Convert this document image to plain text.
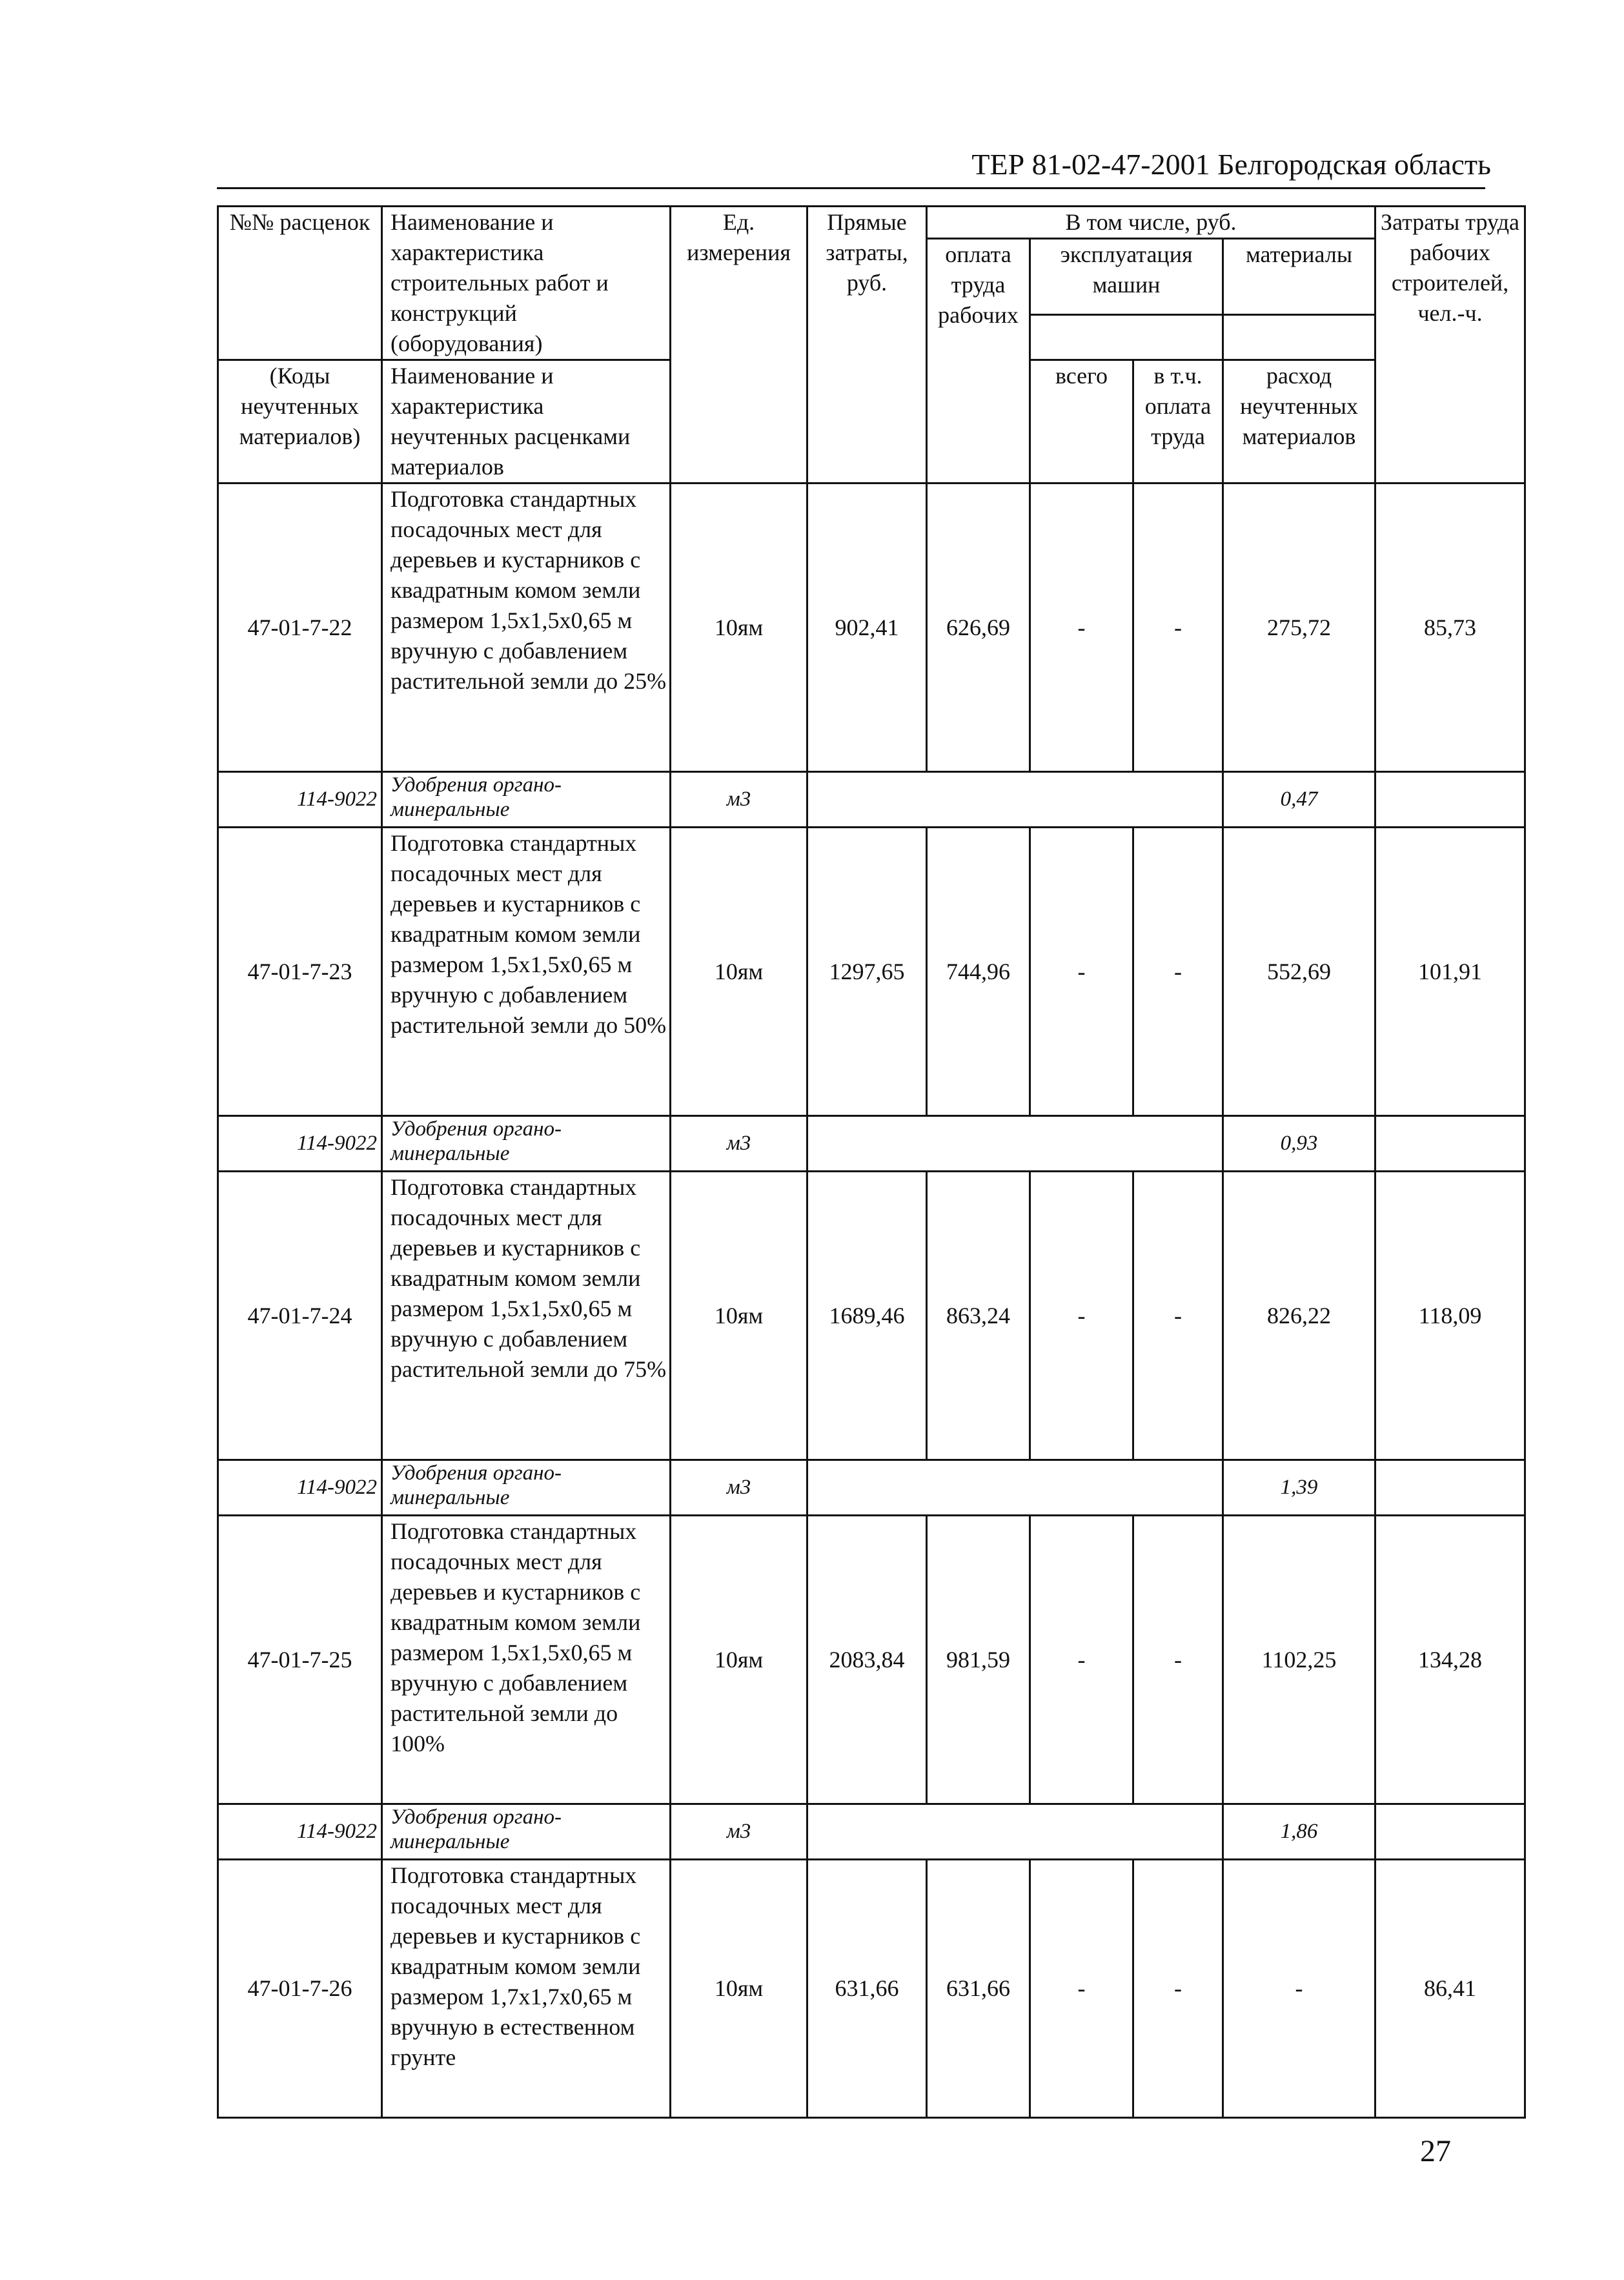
ТЕР 81-02-47-2001 Белгородская область
№№ расценок	Наименование и характеристика строительных работ и конструкций (оборудования)	Ед. измерения	Прямые затраты, руб.	В том числе, руб.				Затраты труда рабочих строителей, чел.-ч.
				оплата труда рабочих	эксплуатация машин		материалы	

(Коды неучтенных материалов)	Наименование и характеристика неучтенных расценками материалов				всего	в т.ч. оплата труда	расход неучтенных материалов	
47-01-7-22	Подготовка стандартных посадочных мест для деревьев и кустарников с квадратным комом земли размером 1,5х1,5х0,65 м вручную с добавлением растительной земли до 25%	10ям	902,41	626,69	-	-	275,72	85,73
114-9022	Удобрения органо-минеральные	м3					0,47	
47-01-7-23	Подготовка стандартных посадочных мест для деревьев и кустарников с квадратным комом земли размером 1,5х1,5х0,65 м вручную с добавлением растительной земли до 50%	10ям	1297,65	744,96	-	-	552,69	101,91
114-9022	Удобрения органо-минеральные	м3					0,93	
47-01-7-24	Подготовка стандартных посадочных мест для деревьев и кустарников с квадратным комом земли размером 1,5х1,5х0,65 м вручную с добавлением растительной земли до 75%	10ям	1689,46	863,24	-	-	826,22	118,09
114-9022	Удобрения органо-минеральные	м3					1,39	
47-01-7-25	Подготовка стандартных посадочных мест для деревьев и кустарников с квадратным комом земли размером 1,5х1,5х0,65 м вручную с добавлением растительной земли до 100%	10ям	2083,84	981,59	-	-	1102,25	134,28
114-9022	Удобрения органо-минеральные	м3					1,86	
47-01-7-26	Подготовка стандартных посадочных мест для деревьев и кустарников с квадратным комом земли размером 1,7х1,7х0,65 м вручную в естественном грунте	10ям	631,66	631,66	-	-	-	86,41
27
